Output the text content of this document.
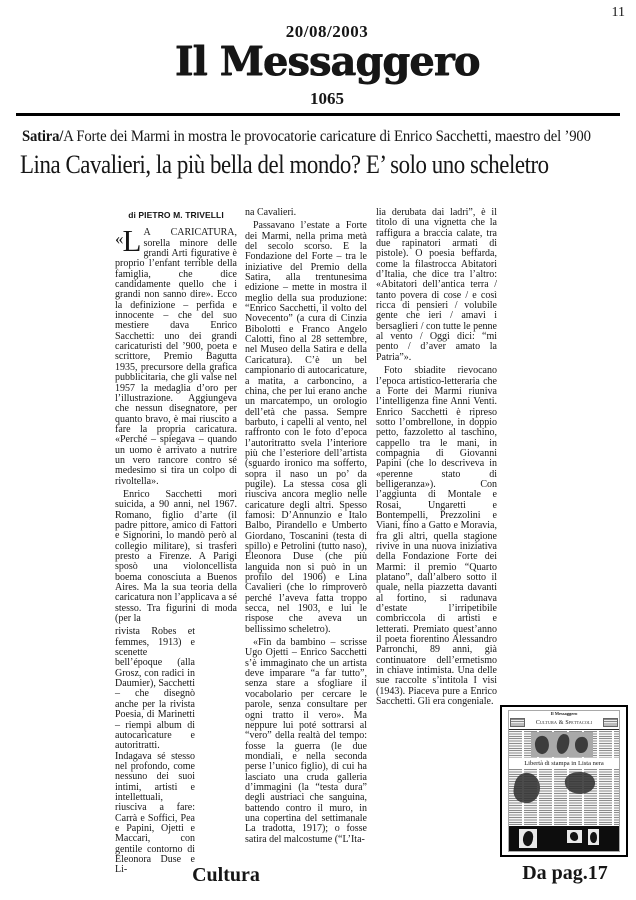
11
20/08/2003
Il Messaggero
1065
Satira/A Forte dei Marmi in mostra le provocatorie caricature di Enrico Sacchetti, maestro del ’900
Lina Cavalieri, la più bella del mondo? E’ solo uno scheletro
di PIETRO M. TRIVELLI

«L A CARICATURA, sorella minore delle grandi Arti figurative è proprio l’enfant terrible della famiglia, che dice candidamente quello che i grandi non sanno dire». Ecco la definizione – perfida e innocente – che del suo mestiere dava Enrico Sacchetti: uno dei grandi caricaturisti del ’900, poeta e scrittore, Premio Bagutta 1935, precursore della grafica pubblicitaria, che gli valse nel 1957 la medaglia d’oro per l’illustrazione. Aggiungeva che nessun disegnatore, per quanto bravo, è mai riuscito a fare la propria caricatura. «Perché – spiegava – quando un uomo è arrivato a nutrire un vero rancore contro sé medesimo si tira un colpo di rivoltella».

Enrico Sacchetti morì suicida, a 90 anni, nel 1967. Romano, figlio d’arte (il padre pittore, amico di Fattori e Signorini, lo mandò però al collegio militare), si trasferì presto a Firenze. A Parigi sposò una violoncellista boema conosciuta a Buenos Aires. Ma la sua teoria della caricatura non l’applicava a sé stesso. Tra figurini di moda (per la

rivista Robes et femmes, 1913) e scenette bell’époque (alla Grosz, con radici in Daumier), Sacchetti – che disegnò anche per la rivista Poesia, di Marinetti – riempì album di autocaricature e autoritratti. Indagava sé stesso nel profondo, come nessuno dei suoi intimi, artisti e intellettuali, riusciva a fare: Carrà e Soffici, Pea e Papini, Ojetti e Maccari, con gentile contorno di Eleonora Duse e Li-

na Cavalieri.

Passavano l’estate a Forte dei Marmi, nella prima metà del secolo scorso. E la Fondazione del Forte – tra le iniziative del Premio della Satira, alla trentunesima edizione – mette in mostra il meglio della sua produzione: “Enrico Sacchetti, il volto del Novecento” (a cura di Cinzia Bibolotti e Franco Angelo Calotti, fino al 28 settembre, nel Museo della Satira e della Caricatura). C’è un bel campionario di autocaricature, a matita, a carboncino, a china, che per lui erano anche un marcatempo, un orologio dell’età che passa. Sempre barbuto, i capelli al vento, nel raffronto con le foto d’epoca l’autoritratto svela l’interiore più che l’esteriore dell’artista (sguardo ironico ma sofferto, sopra il naso un po’ da pugile). La stessa cosa gli riusciva ancora meglio nelle caricature degli altri. Spesso famosi: D’Annunzio e Italo Balbo, Pirandello e Umberto Giordano, Toscanini (testa di spillo) e Petrolini (tutto naso), Eleonora Duse (che più languida non si può in un profilo del 1906) e Lina Cavalieri (che lo rimproverò perché l’aveva fatta troppo secca, nel 1903, e lui le rispose che aveva un bellissimo scheletro).

«Fin da bambino – scrisse Ugo Ojetti – Enrico Sacchetti s’è immaginato che un artista deve imparare “a far tutto”, senza stare a sfogliare il vocabolario per cercare le parole, senza consultare per ogni tratto il vero». Ma neppure lui poté sottrarsi al “vero” della realtà del tempo: fosse la guerra (le due mondiali, e nella seconda perse l’unico figlio), di cui ha lasciato una cruda galleria d’immagini (la “testa dura” degli austriaci che sanguina, battendo contro il muro, in una copertina del settimanale La tradotta, 1917); o fosse satira del malcostume (“L’Ita-

lia derubata dai ladri”, è il titolo di una vignetta che la raffigura a braccia calate, tra due rapinatori armati di pistole). O poesia beffarda, come la filastrocca Abitatori d’Italia, che dice tra l’altro: «Abitatori dell’antica terra / tanto povera di cose / e così ricca di pensieri / volubile gente che ieri / amavi i bersaglieri / con tutte le penne al vento / Oggi dici: “mi pento / d’aver amato la Patria”».

Foto sbiadite rievocano l’epoca artistico-letteraria che a Forte dei Marmi riuniva l’intelligenza fine Anni Venti. Enrico Sacchetti è ripreso sotto l’ombrellone, in doppio petto, fazzoletto al taschino, cappello tra le mani, in compagnia di Giovanni Papini (che lo descriveva in «perenne stato di belligeranza»). Con l’aggiunta di Montale e Rosai, Ungaretti e Bontempelli, Prezzolini e Viani, fino a Gatto e Moravia, fra gli altri, quella stagione rivive in una nuova iniziativa della Fondazione Forte dei Marmi: il premio “Quarto platano”, dall’albero sotto il quale, nella piazzetta davanti al fortino, si radunava d’estate l’irripetibile combriccola di artisti e letterati. Premiato quest’anno il poeta fiorentino Alessandro Parronchi, 89 anni, già continuatore dell’ermetismo in chiave intimista. Una delle sue raccolte s’intitola I visi (1943). Piaceva pure a Enrico Sacchetti. Gli era congeniale.

Cultura
Il Messaggero
Cultura & Spettacoli
Libertà di stampa in Lista nera
Da pag.17
